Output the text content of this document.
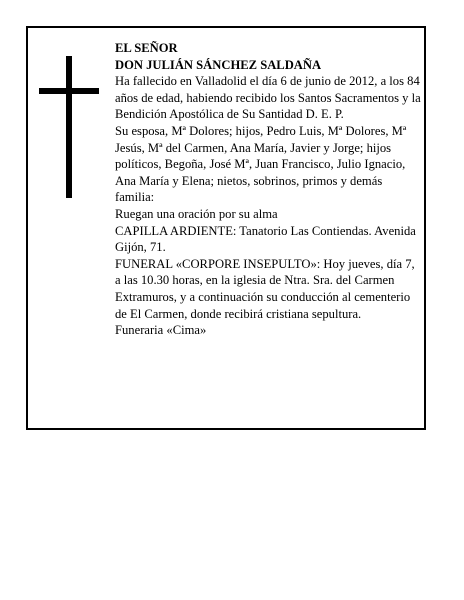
EL SEÑOR

DON JULIÁN SÁNCHEZ SALDAÑA

Ha fallecido en Valladolid el día 6 de junio de 2012, a los 84 años de edad, habiendo recibido los Santos Sacramentos y la Bendición Apostólica de Su Santidad D. E. P.

Su esposa, Mª Dolores; hijos, Pedro Luis, Mª Dolores, Mª Jesús, Mª del Carmen, Ana María, Javier y Jorge; hijos políticos, Begoña, José Mª, Juan Francisco, Julio Ignacio, Ana María y Elena; nietos, sobrinos, primos y demás familia:

Ruegan una oración por su alma

CAPILLA ARDIENTE: Tanatorio Las Contiendas. Avenida Gijón, 71.

FUNERAL «CORPORE INSEPULTO»: Hoy jueves, día 7, a las 10.30 horas, en la iglesia de Ntra. Sra. del Carmen Extramuros, y a continuación su conducción al cementerio de El Carmen, donde recibirá cristiana sepultura.

Funeraria «Cima»
